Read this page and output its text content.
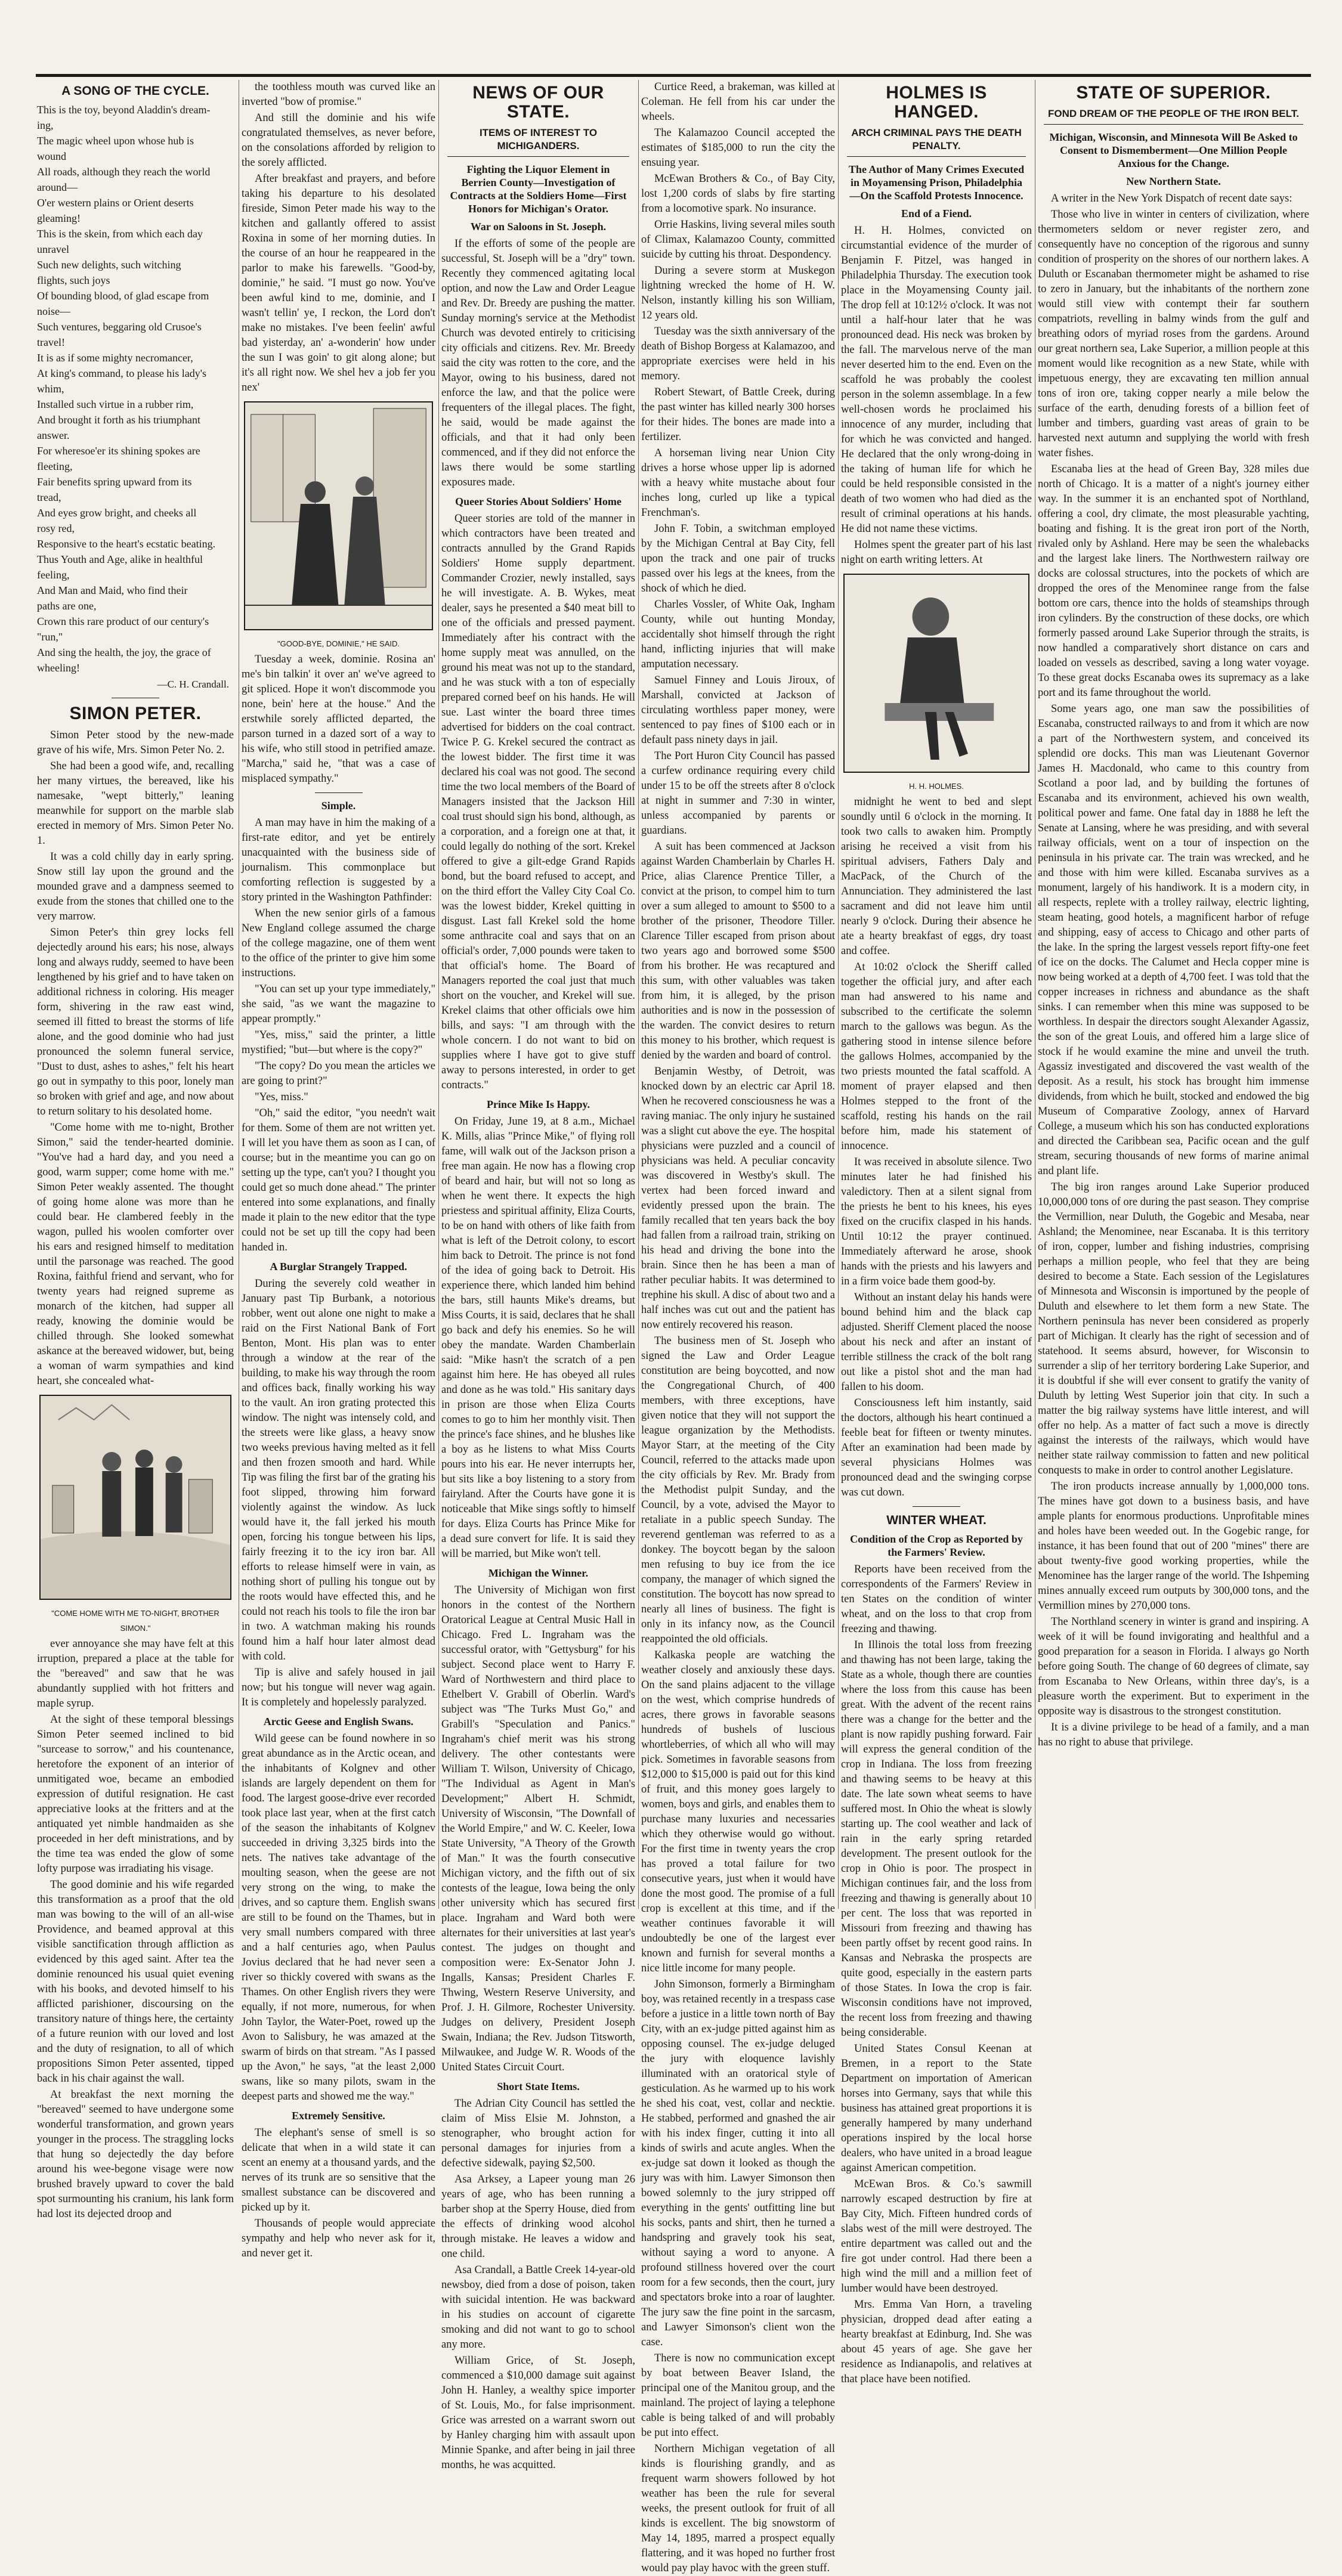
A SONG OF THE CYCLE.
This is the toy, beyond Aladdin's dream-
ing,
The magic wheel upon whose hub is
wound
All roads, although they reach the world
around—
O'er western plains or Orient deserts
gleaming!
This is the skein, from which each day
unravel
Such new delights, such witching
flights, such joys
Of bounding blood, of glad escape from
noise—
Such ventures, beggaring old Crusoe's
travel!
It is as if some mighty necromancer,
At king's command, to please his lady's
whim,
Installed such virtue in a rubber rim,
And brought it forth as his triumphant
answer.
For wheresoe'er its shining spokes are
fleeting,
Fair benefits spring upward from its
tread,
And eyes grow bright, and cheeks all
rosy red,
Responsive to the heart's ecstatic beating.
Thus Youth and Age, alike in healthful
feeling,
And Man and Maid, who find their
paths are one,
Crown this rare product of our century's
"run,"
And sing the health, the joy, the grace of
wheeling!
—C. H. Crandall.
SIMON PETER.

Simon Peter stood by the new-made grave of his wife, Mrs. Simon Peter No. 2.

She had been a good wife, and, recalling her many virtues, the bereaved, like his namesake, "wept bitterly," leaning meanwhile for support on the marble slab erected in memory of Mrs. Simon Peter No. 1.

It was a cold chilly day in early spring. Snow still lay upon the ground and the mounded grave and a dampness seemed to exude from the stones that chilled one to the very marrow.

Simon Peter's thin grey locks fell dejectedly around his ears; his nose, always long and always ruddy, seemed to have been lengthened by his grief and to have taken on additional richness in coloring. His meager form, shivering in the raw east wind, seemed ill fitted to breast the storms of life alone, and the good dominie who had just pronounced the solemn funeral service, "Dust to dust, ashes to ashes," felt his heart go out in sympathy to this poor, lonely man so broken with grief and age, and now about to return solitary to his desolated home.

"Come home with me to-night, Brother Simon," said the tender-hearted dominie. "You've had a hard day, and you need a good, warm supper; come home with me." Simon Peter weakly assented. The thought of going home alone was more than he could bear. He clambered feebly in the wagon, pulled his woolen comforter over his ears and resigned himself to meditation until the parsonage was reached. The good Roxina, faithful friend and servant, who for twenty years had reigned supreme as monarch of the kitchen, had supper all ready, knowing the dominie would be chilled through. She looked somewhat askance at the bereaved widower, but, being a woman of warm sympathies and kind heart, she concealed what-

"COME HOME WITH ME TO-NIGHT, BROTHER SIMON."

ever annoyance she may have felt at this irruption, prepared a place at the table for the "bereaved" and saw that he was abundantly supplied with hot fritters and maple syrup.

At the sight of these temporal blessings Simon Peter seemed inclined to bid "surcease to sorrow," and his countenance, heretofore the exponent of an interior of unmitigated woe, became an embodied expression of dutiful resignation. He cast appreciative looks at the fritters and at the antiquated yet nimble handmaiden as she proceeded in her deft ministrations, and by the time tea was ended the glow of some lofty purpose was irradiating his visage.

The good dominie and his wife regarded this transformation as a proof that the old man was bowing to the will of an all-wise Providence, and beamed approval at this visible sanctification through affliction as evidenced by this aged saint. After tea the dominie renounced his usual quiet evening with his books, and devoted himself to his afflicted parishioner, discoursing on the transitory nature of things here, the certainty of a future reunion with our loved and lost and the duty of resignation, to all of which propositions Simon Peter assented, tipped back in his chair against the wall.

At breakfast the next morning the "bereaved" seemed to have undergone some wonderful transformation, and grown years younger in the process. The straggling locks that hung so dejectedly the day before around his wee-begone visage were now brushed bravely upward to cover the bald spot surmounting his cranium, his lank form had lost its dejected droop and

the toothless mouth was curved like an inverted "bow of promise."

And still the dominie and his wife congratulated themselves, as never before, on the consolations afforded by religion to the sorely afflicted.

After breakfast and prayers, and before taking his departure to his desolated fireside, Simon Peter made his way to the kitchen and gallantly offered to assist Roxina in some of her morning duties. In the course of an hour he reappeared in the parlor to make his farewells. "Good-by, dominie," he said. "I must go now. You've been awful kind to me, dominie, and I wasn't tellin' ye, I reckon, the Lord don't make no mistakes. I've been feelin' awful bad yisterday, an' a-wonderin' how under the sun I was goin' to git along alone; but it's all right now. We shel hev a job fer you nex'

"GOOD-BYE, DOMINIE," HE SAID.

Tuesday a week, dominie. Rosina an' me's bin talkin' it over an' we've agreed to git spliced. Hope it won't discommode you none, bein' here at the house." And the erstwhile sorely afflicted departed, the parson turned in a dazed sort of a way to his wife, who still stood in petrified amaze. "Marcha," said he, "that was a case of misplaced sympathy."

Simple.

A man may have in him the making of a first-rate editor, and yet be entirely unacquainted with the business side of journalism. This commonplace but comforting reflection is suggested by a story printed in the Washington Pathfinder:

When the new senior girls of a famous New England college assumed the charge of the college magazine, one of them went to the office of the printer to give him some instructions.

"You can set up your type immediately," she said, "as we want the magazine to appear promptly."

"Yes, miss," said the printer, a little mystified; "but—but where is the copy?"

"The copy? Do you mean the articles we are going to print?"

"Yes, miss."

"Oh," said the editor, "you needn't wait for them. Some of them are not written yet. I will let you have them as soon as I can, of course; but in the meantime you can go on setting up the type, can't you? I thought you could get so much done ahead." The printer entered into some explanations, and finally made it plain to the new editor that the type could not be set up till the copy had been handed in.

A Burglar Strangely Trapped.

During the severely cold weather in January past Tip Burbank, a notorious robber, went out alone one night to make a raid on the First National Bank of Fort Benton, Mont. His plan was to enter through a window at the rear of the building, to make his way through the room and offices back, finally working his way to the vault. An iron grating protected this window. The night was intensely cold, and the streets were like glass, a heavy snow two weeks previous having melted as it fell and then frozen smooth and hard. While Tip was filing the first bar of the grating his foot slipped, throwing him forward violently against the window. As luck would have it, the fall jerked his mouth open, forcing his tongue between his lips, fairly freezing it to the icy iron bar. All efforts to release himself were in vain, as nothing short of pulling his tongue out by the roots would have effected this, and he could not reach his tools to file the iron bar in two. A watchman making his rounds found him a half hour later almost dead with cold.

Tip is alive and safely housed in jail now; but his tongue will never wag again. It is completely and hopelessly paralyzed.

Arctic Geese and English Swans.

Wild geese can be found nowhere in so great abundance as in the Arctic ocean, and the inhabitants of Kolgnev and other islands are largely dependent on them for food. The largest goose-drive ever recorded took place last year, when at the first catch of the season the inhabitants of Kolgnev succeeded in driving 3,325 birds into the nets. The natives take advantage of the moulting season, when the geese are not very strong on the wing, to make the drives, and so capture them. English swans are still to be found on the Thames, but in very small numbers compared with three and a half centuries ago, when Paulus Jovius declared that he had never seen a river so thickly covered with swans as the Thames. On other English rivers they were equally, if not more, numerous, for when John Taylor, the Water-Poet, rowed up the Avon to Salisbury, he was amazed at the swarm of birds on that stream. "As I passed up the Avon," he says, "at the least 2,000 swans, like so many pilots, swam in the deepest parts and showed me the way."

Extremely Sensitive.

The elephant's sense of smell is so delicate that when in a wild state it can scent an enemy at a thousand yards, and the nerves of its trunk are so sensitive that the smallest substance can be discovered and picked up by it.

Thousands of people would appreciate sympathy and help who never ask for it, and never get it.

NEWS OF OUR STATE.
ITEMS OF INTEREST TO MICHIGANDERS.
Fighting the Liquor Element in Berrien County—Investigation of Contracts at the Soldiers Home—First Honors for Michigan's Orator.
War on Saloons in St. Joseph.

If the efforts of some of the people are successful, St. Joseph will be a "dry" town. Recently they commenced agitating local option, and now the Law and Order League and Rev. Dr. Breedy are pushing the matter. Sunday morning's service at the Methodist Church was devoted entirely to criticising city officials and citizens. Rev. Mr. Breedy said the city was rotten to the core, and the Mayor, owing to his business, dared not enforce the law, and that the police were frequenters of the illegal places. The fight, he said, would be made against the officials, and that it had only been commenced, and if they did not enforce the laws there would be some startling exposures made.

Queer Stories About Soldiers' Home

Queer stories are told of the manner in which contractors have been treated and contracts annulled by the Grand Rapids Soldiers' Home supply department. Commander Crozier, newly installed, says he will investigate. A. B. Wykes, meat dealer, says he presented a $40 meat bill to one of the officials and pressed payment. Immediately after his contract with the home supply meat was annulled, on the ground his meat was not up to the standard, and he was stuck with a ton of especially prepared corned beef on his hands. He will sue. Last winter the board three times advertised for bidders on the coal contract. Twice P. G. Krekel secured the contract as the lowest bidder. The first time it was declared his coal was not good. The second time the two local members of the Board of Managers insisted that the Jackson Hill coal trust should sign his bond, although, as a corporation, and a foreign one at that, it could legally do nothing of the sort. Krekel offered to give a gilt-edge Grand Rapids bond, but the board refused to accept, and on the third effort the Valley City Coal Co. was the lowest bidder, Krekel quitting in disgust. Last fall Krekel sold the home some anthracite coal and says that on an official's order, 7,000 pounds were taken to that official's home. The Board of Managers reported the coal just that much short on the voucher, and Krekel will sue. Krekel claims that other officials owe him bills, and says: "I am through with the whole concern. I do not want to bid on supplies where I have got to give stuff away to persons interested, in order to get contracts."

Prince Mike Is Happy.

On Friday, June 19, at 8 a.m., Michael K. Mills, alias "Prince Mike," of flying roll fame, will walk out of the Jackson prison a free man again. He now has a flowing crop of beard and hair, but will not so long as when he went there. It expects the high priestess and spiritual affinity, Eliza Courts, to be on hand with others of like faith from what is left of the Detroit colony, to escort him back to Detroit. The prince is not fond of the idea of going back to Detroit. His experience there, which landed him behind the bars, still haunts Mike's dreams, but Miss Courts, it is said, declares that he shall go back and defy his enemies. So he will obey the mandate. Warden Chamberlain said: "Mike hasn't the scratch of a pen against him here. He has obeyed all rules and done as he was told." His sanitary days in prison are those when Eliza Courts comes to go to him her monthly visit. Then the prince's face shines, and he blushes like a boy as he listens to what Miss Courts pours into his ear. He never interrupts her, but sits like a boy listening to a story from fairyland. After the Courts have gone it is noticeable that Mike sings softly to himself for days. Eliza Courts has Prince Mike for a dead sure convert for life. It is said they will be married, but Mike won't tell.

Michigan the Winner.

The University of Michigan won first honors in the contest of the Northern Oratorical League at Central Music Hall in Chicago. Fred L. Ingraham was the successful orator, with "Gettysburg" for his subject. Second place went to Harry F. Ward of Northwestern and third place to Ethelbert V. Grabill of Oberlin. Ward's subject was "The Turks Must Go," and Grabill's "Speculation and Panics." Ingraham's chief merit was his strong delivery. The other contestants were William T. Wilson, University of Chicago, "The Individual as Agent in Man's Development;" Albert H. Schmidt, University of Wisconsin, "The Downfall of the World Empire," and W. C. Keeler, Iowa State University, "A Theory of the Growth of Man." It was the fourth consecutive Michigan victory, and the fifth out of six contests of the league, Iowa being the only other university which has secured first place. Ingraham and Ward both were alternates for their universities at last year's contest. The judges on thought and composition were: Ex-Senator John J. Ingalls, Kansas; President Charles F. Thwing, Western Reserve University, and Prof. J. H. Gilmore, Rochester University. Judges on delivery, President Joseph Swain, Indiana; the Rev. Judson Titsworth, Milwaukee, and Judge W. R. Woods of the United States Circuit Court.

Short State Items.

The Adrian City Council has settled the claim of Miss Elsie M. Johnston, a stenographer, who brought action for personal damages for injuries from a defective sidewalk, paying $2,500.

Asa Arksey, a Lapeer young man 26 years of age, who has been running a barber shop at the Sperry House, died from the effects of drinking wood alcohol through mistake. He leaves a widow and one child.

Asa Crandall, a Battle Creek 14-year-old newsboy, died from a dose of poison, taken with suicidal intention. He was backward in his studies on account of cigarette smoking and did not want to go to school any more.

William Grice, of St. Joseph, commenced a $10,000 damage suit against John H. Hanley, a wealthy spice importer of St. Louis, Mo., for false imprisonment. Grice was arrested on a warrant sworn out by Hanley charging him with assault upon Minnie Spanke, and after being in jail three months, he was acquitted.

Curtice Reed, a brakeman, was killed at Coleman. He fell from his car under the wheels.

The Kalamazoo Council accepted the estimates of $185,000 to run the city the ensuing year.

McEwan Brothers & Co., of Bay City, lost 1,200 cords of slabs by fire starting from a locomotive spark. No insurance.

Orrie Haskins, living several miles south of Climax, Kalamazoo County, committed suicide by cutting his throat. Despondency.

During a severe storm at Muskegon lightning wrecked the home of H. W. Nelson, instantly killing his son William, 12 years old.

Tuesday was the sixth anniversary of the death of Bishop Borgess at Kalamazoo, and appropriate exercises were held in his memory.

Robert Stewart, of Battle Creek, during the past winter has killed nearly 300 horses for their hides. The bones are made into a fertilizer.

A horseman living near Union City drives a horse whose upper lip is adorned with a heavy white mustache about four inches long, curled up like a typical Frenchman's.

John F. Tobin, a switchman employed by the Michigan Central at Bay City, fell upon the track and one pair of trucks passed over his legs at the knees, from the shock of which he died.

Charles Vossler, of White Oak, Ingham County, while out hunting Monday, accidentally shot himself through the right hand, inflicting injuries that will make amputation necessary.

Samuel Finney and Louis Jiroux, of Marshall, convicted at Jackson of circulating worthless paper money, were sentenced to pay fines of $100 each or in default pass ninety days in jail.

The Port Huron City Council has passed a curfew ordinance requiring every child under 15 to be off the streets after 8 o'clock at night in summer and 7:30 in winter, unless accompanied by parents or guardians.

A suit has been commenced at Jackson against Warden Chamberlain by Charles H. Price, alias Clarence Prentice Tiller, a convict at the prison, to compel him to turn over a sum alleged to amount to $500 to a brother of the prisoner, Theodore Tiller. Clarence Tiller escaped from prison about two years ago and borrowed some $500 from his brother. He was recaptured and this sum, with other valuables was taken from him, it is alleged, by the prison authorities and is now in the possession of the warden. The convict desires to return this money to his brother, which request is denied by the warden and board of control.

Benjamin Westby, of Detroit, was knocked down by an electric car April 18. When he recovered consciousness he was a raving maniac. The only injury he sustained was a slight cut above the eye. The hospital physicians were puzzled and a council of physicians was held. A peculiar concavity was discovered in Westby's skull. The vertex had been forced inward and evidently pressed upon the brain. The family recalled that ten years back the boy had fallen from a railroad train, striking on his head and driving the bone into the brain. Since then he has been a man of rather peculiar habits. It was determined to trephine his skull. A disc of about two and a half inches was cut out and the patient has now entirely recovered his reason.

The business men of St. Joseph who signed the Law and Order League constitution are being boycotted, and now the Congregational Church, of 400 members, with three exceptions, have given notice that they will not support the league organization by the Methodists. Mayor Starr, at the meeting of the City Council, referred to the attacks made upon the city officials by Rev. Mr. Brady from the Methodist pulpit Sunday, and the Council, by a vote, advised the Mayor to retaliate in a public speech Sunday. The reverend gentleman was referred to as a donkey. The boycott began by the saloon men refusing to buy ice from the ice company, the manager of which signed the constitution. The boycott has now spread to nearly all lines of business. The fight is only in its infancy now, as the Council reappointed the old officials.

Kalkaska people are watching the weather closely and anxiously these days. On the sand plains adjacent to the village on the west, which comprise hundreds of acres, there grows in favorable seasons hundreds of bushels of luscious whortleberries, of which all who will may pick. Sometimes in favorable seasons from $12,000 to $15,000 is paid out for this kind of fruit, and this money goes largely to women, boys and girls, and enables them to purchase many luxuries and necessaries which they otherwise would go without. For the first time in twenty years the crop has proved a total failure for two consecutive years, just when it would have done the most good. The promise of a full crop is excellent at this time, and if the weather continues favorable it will undoubtedly be one of the largest ever known and furnish for several months a nice little income for many people.

John Simonson, formerly a Birmingham boy, was retained recently in a trespass case before a justice in a little town north of Bay City, with an ex-judge pitted against him as opposing counsel. The ex-judge deluged the jury with eloquence lavishly illuminated with an oratorical style of gesticulation. As he warmed up to his work he shed his coat, vest, collar and necktie. He stabbed, performed and gnashed the air with his index finger, cutting it into all kinds of swirls and acute angles. When the ex-judge sat down it looked as though the jury was with him. Lawyer Simonson then bowed solemnly to the jury stripped off everything in the gents' outfitting line but his socks, pants and shirt, then he turned a handspring and gravely took his seat, without saying a word to anyone. A profound stillness hovered over the court room for a few seconds, then the court, jury and spectators broke into a roar of laughter. The jury saw the fine point in the sarcasm, and Lawyer Simonson's client won the case.

There is now no communication except by boat between Beaver Island, the principal one of the Manitou group, and the mainland. The project of laying a telephone cable is being talked of and will probably be put into effect.

Northern Michigan vegetation of all kinds is flourishing grandly, and as frequent warm showers followed by hot weather has been the rule for several weeks, the present outlook for fruit of all kinds is excellent. The big snowstorm of May 14, 1895, marred a prospect equally flattering, and it was hoped no further frost would pay play havoc with the green stuff.

HOLMES IS HANGED.
ARCH CRIMINAL PAYS THE DEATH PENALTY.
The Author of Many Crimes Executed in Moyamensing Prison, Philadelphia—On the Scaffold Protests Innocence.
End of a Fiend.

H. H. Holmes, convicted on circumstantial evidence of the murder of Benjamin F. Pitzel, was hanged in Philadelphia Thursday. The execution took place in the Moyamensing County jail. The drop fell at 10:12½ o'clock. It was not until a half-hour later that he was pronounced dead. His neck was broken by the fall. The marvelous nerve of the man never deserted him to the end. Even on the scaffold he was probably the coolest person in the solemn assemblage. In a few well-chosen words he proclaimed his innocence of any murder, including that for which he was convicted and hanged. He declared that the only wrong-doing in the taking of human life for which he could be held responsible consisted in the death of two women who had died as the result of criminal operations at his hands. He did not name these victims.

Holmes spent the greater part of his last night on earth writing letters. At

H. H. HOLMES.

midnight he went to bed and slept soundly until 6 o'clock in the morning. It took two calls to awaken him. Promptly arising he received a visit from his spiritual advisers, Fathers Daly and MacPack, of the Church of the Annunciation. They administered the last sacrament and did not leave him until nearly 9 o'clock. During their absence he ate a hearty breakfast of eggs, dry toast and coffee.

At 10:02 o'clock the Sheriff called together the official jury, and after each man had answered to his name and subscribed to the certificate the solemn march to the gallows was begun. As the gathering stood in intense silence before the gallows Holmes, accompanied by the two priests mounted the fatal scaffold. A moment of prayer elapsed and then Holmes stepped to the front of the scaffold, resting his hands on the rail before him, made his statement of innocence.

It was received in absolute silence. Two minutes later he had finished his valedictory. Then at a silent signal from the priests he bent to his knees, his eyes fixed on the crucifix clasped in his hands. Until 10:12 the prayer continued. Immediately afterward he arose, shook hands with the priests and his lawyers and in a firm voice bade them good-by.

Without an instant delay his hands were bound behind him and the black cap adjusted. Sheriff Clement placed the noose about his neck and after an instant of terrible stillness the crack of the bolt rang out like a pistol shot and the man had fallen to his doom.

Consciousness left him instantly, said the doctors, although his heart continued a feeble beat for fifteen or twenty minutes. After an examination had been made by several physicians Holmes was pronounced dead and the swinging corpse was cut down.

WINTER WHEAT.
Condition of the Crop as Reported by the Farmers' Review.

Reports have been received from the correspondents of the Farmers' Review in ten States on the condition of winter wheat, and on the loss to that crop from freezing and thawing.

In Illinois the total loss from freezing and thawing has not been large, taking the State as a whole, though there are counties where the loss from this cause has been great. With the advent of the recent rains there was a change for the better and the plant is now rapidly pushing forward. Fair will express the general condition of the crop in Indiana. The loss from freezing and thawing seems to be heavy at this date. The late sown wheat seems to have suffered most. In Ohio the wheat is slowly starting up. The cool weather and lack of rain in the early spring retarded development. The present outlook for the crop in Ohio is poor. The prospect in Michigan continues fair, and the loss from freezing and thawing is generally about 10 per cent. The loss that was reported in Missouri from freezing and thawing has been partly offset by recent good rains. In Kansas and Nebraska the prospects are quite good, especially in the eastern parts of those States. In Iowa the crop is fair. Wisconsin conditions have not improved, the recent loss from freezing and thawing being considerable.

United States Consul Keenan at Bremen, in a report to the State Department on importation of American horses into Germany, says that while this business has attained great proportions it is generally hampered by many underhand operations inspired by the local horse dealers, who have united in a broad league against American competition.

McEwan Bros. & Co.'s sawmill narrowly escaped destruction by fire at Bay City, Mich. Fifteen hundred cords of slabs west of the mill were destroyed. The entire department was called out and the fire got under control. Had there been a high wind the mill and a million feet of lumber would have been destroyed.

Mrs. Emma Van Horn, a traveling physician, dropped dead after eating a hearty breakfast at Edinburg, Ind. She was about 45 years of age. She gave her residence as Indianapolis, and relatives at that place have been notified.

STATE OF SUPERIOR.
FOND DREAM OF THE PEOPLE OF THE IRON BELT.
Michigan, Wisconsin, and Minnesota Will Be Asked to Consent to Dismemberment—One Million People Anxious for the Change.
New Northern State.

A writer in the New York Dispatch of recent date says:

Those who live in winter in centers of civilization, where thermometers seldom or never register zero, and consequently have no conception of the rigorous and sunny condition of prosperity on the shores of our northern lakes. A Duluth or Escanaban thermometer might be ashamed to rise to zero in January, but the inhabitants of the northern zone would still view with contempt their far southern compatriots, revelling in balmy winds from the gulf and breathing odors of myriad roses from the gardens. Around our great northern sea, Lake Superior, a million people at this moment would like recognition as a new State, while with impetuous energy, they are excavating ten million annual tons of iron ore, taking copper nearly a mile below the surface of the earth, denuding forests of a billion feet of lumber and timbers, guarding vast areas of grain to be harvested next autumn and supplying the world with fresh water fishes.

Escanaba lies at the head of Green Bay, 328 miles due north of Chicago. It is a matter of a night's journey either way. In the summer it is an enchanted spot of Northland, offering a cool, dry climate, the most pleasurable yachting, boating and fishing. It is the great iron port of the North, rivaled only by Ashland. Here may be seen the whalebacks and the largest lake liners. The Northwestern railway ore docks are colossal structures, into the pockets of which are dropped the ores of the Menominee range from the false bottom ore cars, thence into the holds of steamships through iron cylinders. By the construction of these docks, ore which formerly passed around Lake Superior through the straits, is now handled a comparatively short distance on cars and loaded on vessels as described, saving a long water voyage. To these great docks Escanaba owes its supremacy as a lake port and its fame throughout the world.

Some years ago, one man saw the possibilities of Escanaba, constructed railways to and from it which are now a part of the Northwestern system, and conceived its splendid ore docks. This man was Lieutenant Governor James H. Macdonald, who came to this country from Scotland a poor lad, and by building the fortunes of Escanaba and its environment, achieved his own wealth, political power and fame. One fatal day in 1888 he left the Senate at Lansing, where he was presiding, and with several railway officials, went on a tour of inspection on the peninsula in his private car. The train was wrecked, and he and those with him were killed. Escanaba survives as a monument, largely of his handiwork. It is a modern city, in all respects, replete with a trolley railway, electric lighting, steam heating, good hotels, a magnificent harbor of refuge and shipping, easy of access to Chicago and other parts of the lake. In the spring the largest vessels report fifty-one feet of ice on the docks. The Calumet and Hecla copper mine is now being worked at a depth of 4,700 feet. I was told that the copper increases in richness and abundance as the shaft sinks. I can remember when this mine was supposed to be worthless. In despair the directors sought Alexander Agassiz, the son of the great Louis, and offered him a large slice of stock if he would examine the mine and unveil the truth. Agassiz investigated and discovered the vast wealth of the deposit. As a result, his stock has brought him immense dividends, from which he built, stocked and endowed the big Museum of Comparative Zoology, annex of Harvard College, a museum which his son has conducted explorations and directed the Caribbean sea, Pacific ocean and the gulf stream, securing thousands of new forms of marine animal and plant life.

The big iron ranges around Lake Superior produced 10,000,000 tons of ore during the past season. They comprise the Vermillion, near Duluth, the Gogebic and Mesaba, near Ashland; the Menominee, near Escanaba. It is this territory of iron, copper, lumber and fishing industries, comprising perhaps a million people, who feel that they are being desired to become a State. Each session of the Legislatures of Minnesota and Wisconsin is importuned by the people of Duluth and elsewhere to let them form a new State. The Northern peninsula has never been considered as properly part of Michigan. It clearly has the right of secession and of statehood. It seems absurd, however, for Wisconsin to surrender a slip of her territory bordering Lake Superior, and it is doubtful if she will ever consent to gratify the vanity of Duluth by letting West Superior join that city. In such a matter the big railway systems have little interest, and will offer no help. As a matter of fact such a move is directly against the interests of the railways, which would have neither state railway commission to fatten and new political conquests to make in order to control another Legislature.

The iron products increase annually by 1,000,000 tons. The mines have got down to a business basis, and have ample plants for enormous productions. Unprofitable mines and holes have been weeded out. In the Gogebic range, for instance, it has been found that out of 200 "mines" there are about twenty-five good working properties, while the Menominee has the larger range of the world. The Ishpeming mines annually exceed rum outputs by 300,000 tons, and the Vermillion mines by 270,000 tons.

The Northland scenery in winter is grand and inspiring. A week of it will be found invigorating and healthful and a good preparation for a season in Florida. I always go North before going South. The change of 60 degrees of climate, say from Escanaba to New Orleans, within three day's, is a pleasure worth the experiment. But to experiment in the opposite way is disastrous to the strongest constitution.

It is a divine privilege to be head of a family, and a man has no right to abuse that privilege.
